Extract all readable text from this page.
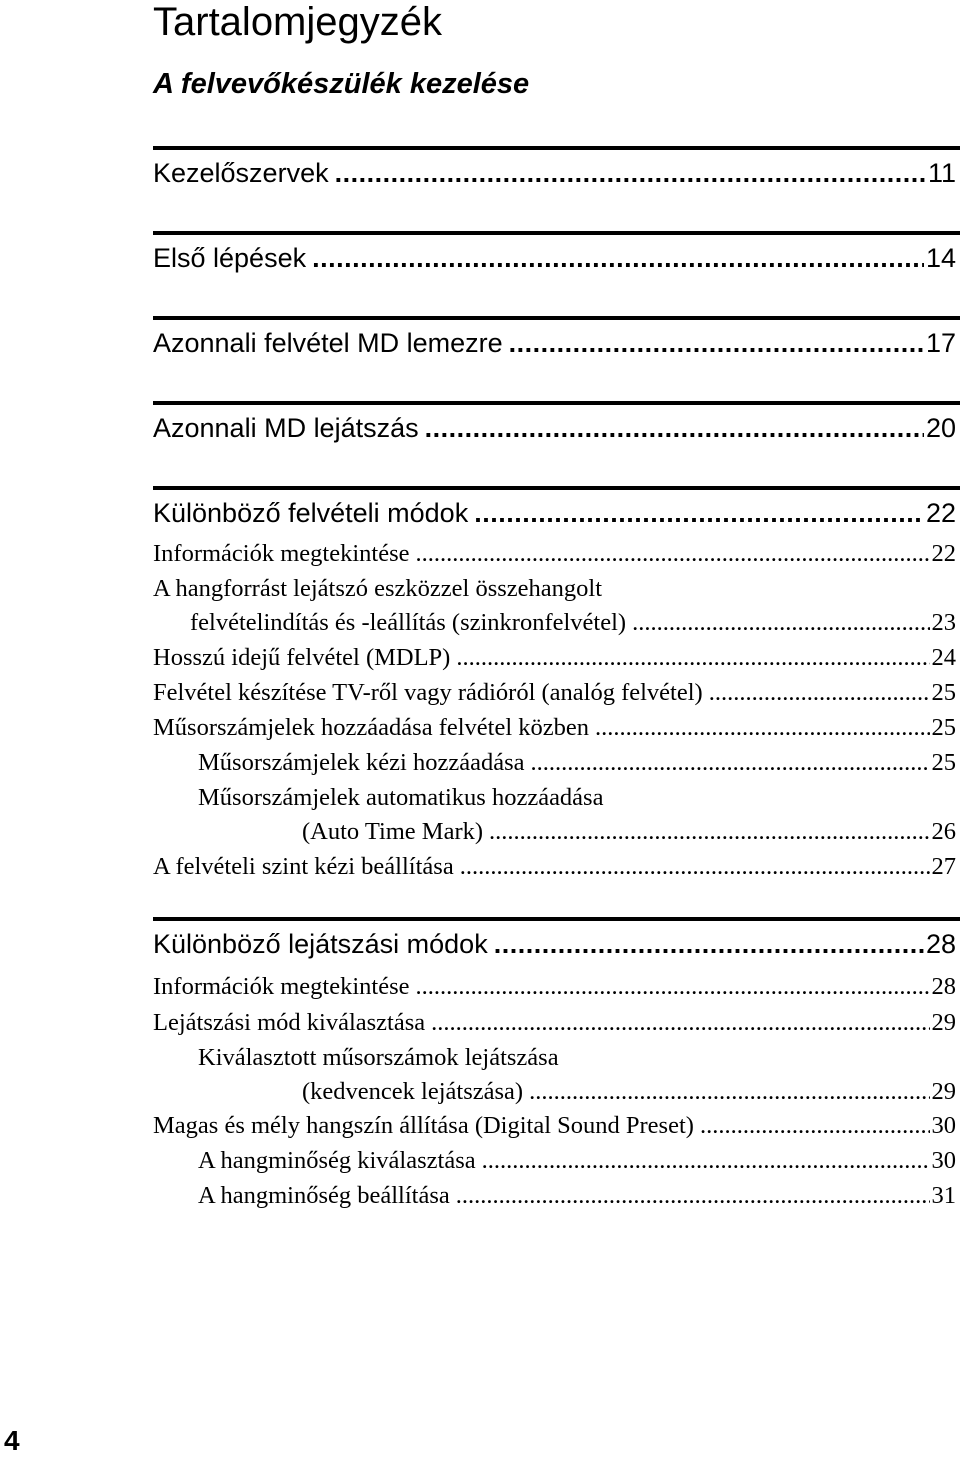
Tartalomjegyzék
A felvevőkészülék kezelése
Kezelőszervek .....	11
Első lépések .....	14
Azonnali felvétel MD lemezre .....	17
Azonnali MD lejátszás .....	20
Különböző felvételi módok .....	22
Információk megtekintése .....	22
A hangforrást lejátszó eszközzel összehangolt
felvételindítás és -leállítás (szinkronfelvétel) .....	23
Hosszú idejű felvétel (MDLP) .....	24
Felvétel készítése TV-ről vagy rádióról (analóg felvétel) .....	25
Műsorszámjelek hozzáadása felvétel közben .....	25
Műsorszámjelek kézi hozzáadása .....	25
Műsorszámjelek automatikus hozzáadása
(Auto Time Mark) .....	26
A felvételi szint kézi beállítása .....	27
Különböző lejátszási módok .....	28
Információk megtekintése .....	28
Lejátszási mód kiválasztása .....	29
Kiválasztott műsorszámok lejátszása
(kedvencek lejátszása) .....	29
Magas és mély hangszín állítása (Digital Sound Preset) .....	30
A hangminőség kiválasztása .....	30
A hangminőség beállítása .....	31
4
